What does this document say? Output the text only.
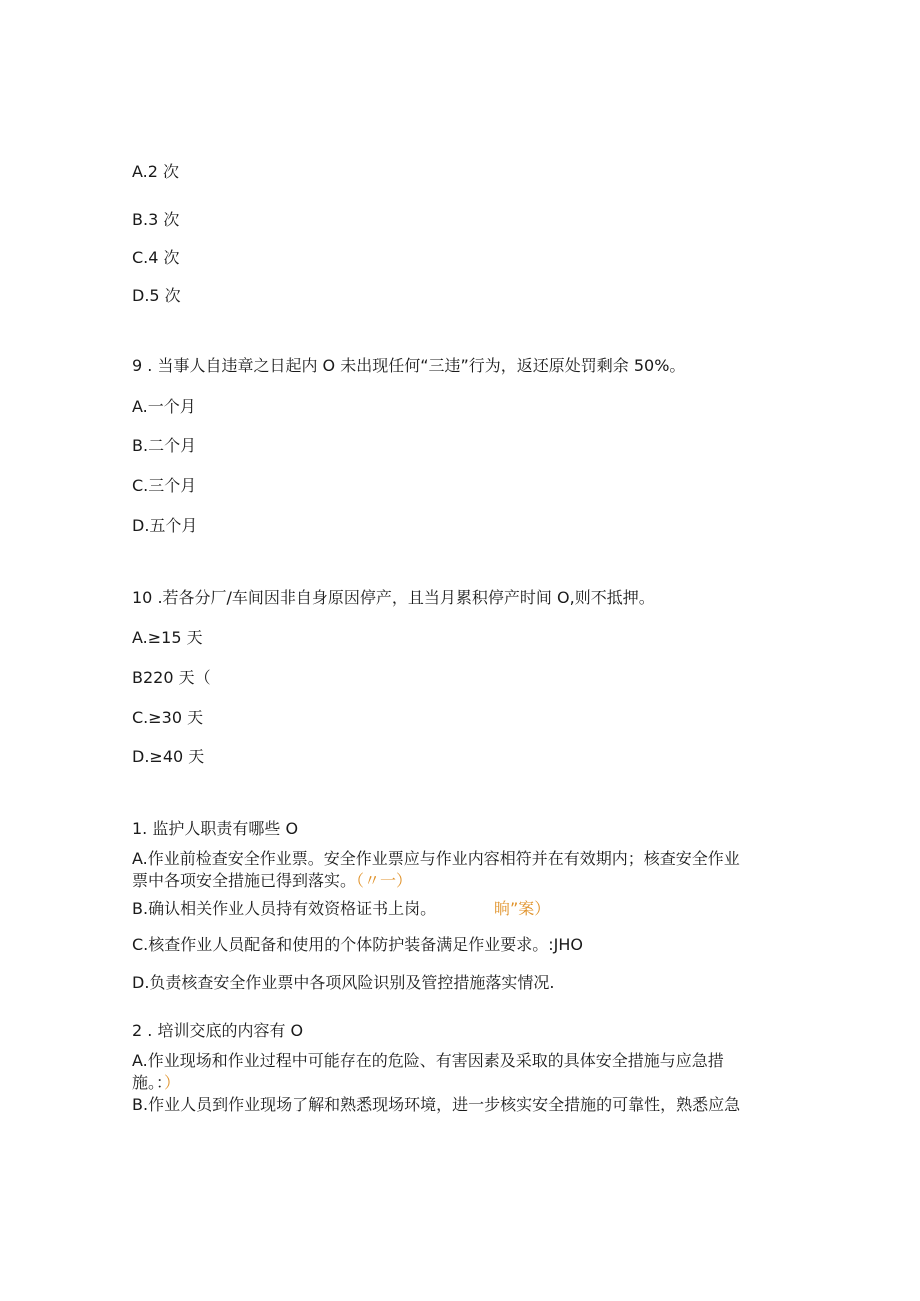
A.2 次
B.3 次
C.4 次
D.5 次
9 . 当事人自违章之日起内 O 未出现任何“三违”行为，返还原处罚剩余 50%。
A.一个月
B.二个月
C.三个月
D.五个月
10 .若各分厂/车间因非自身原因停产，且当月累积停产时间 O,则不抵押。
A.≥15 天
B220 天（
C.≥30 天
D.≥40 天
1. 监护人职责有哪些 O
A.作业前检查安全作业票。安全作业票应与作业内容相符并在有效期内；核查安全作业
票中各项安全措施已得到落实。（〃一）
B.确认相关作业人员持有效资格证书上岗。	晌”案）
C.核查作业人员配备和使用的个体防护装备满足作业要求。:JHO
D.负责核查安全作业票中各项风险识别及管控措施落实情况.
2 . 培训交底的内容有 O
A.作业现场和作业过程中可能存在的危险、有害因素及采取的具体安全措施与应急措
施。：）
B.作业人员到作业现场了解和熟悉现场环境，进一步核实安全措施的可靠性，熟悉应急
